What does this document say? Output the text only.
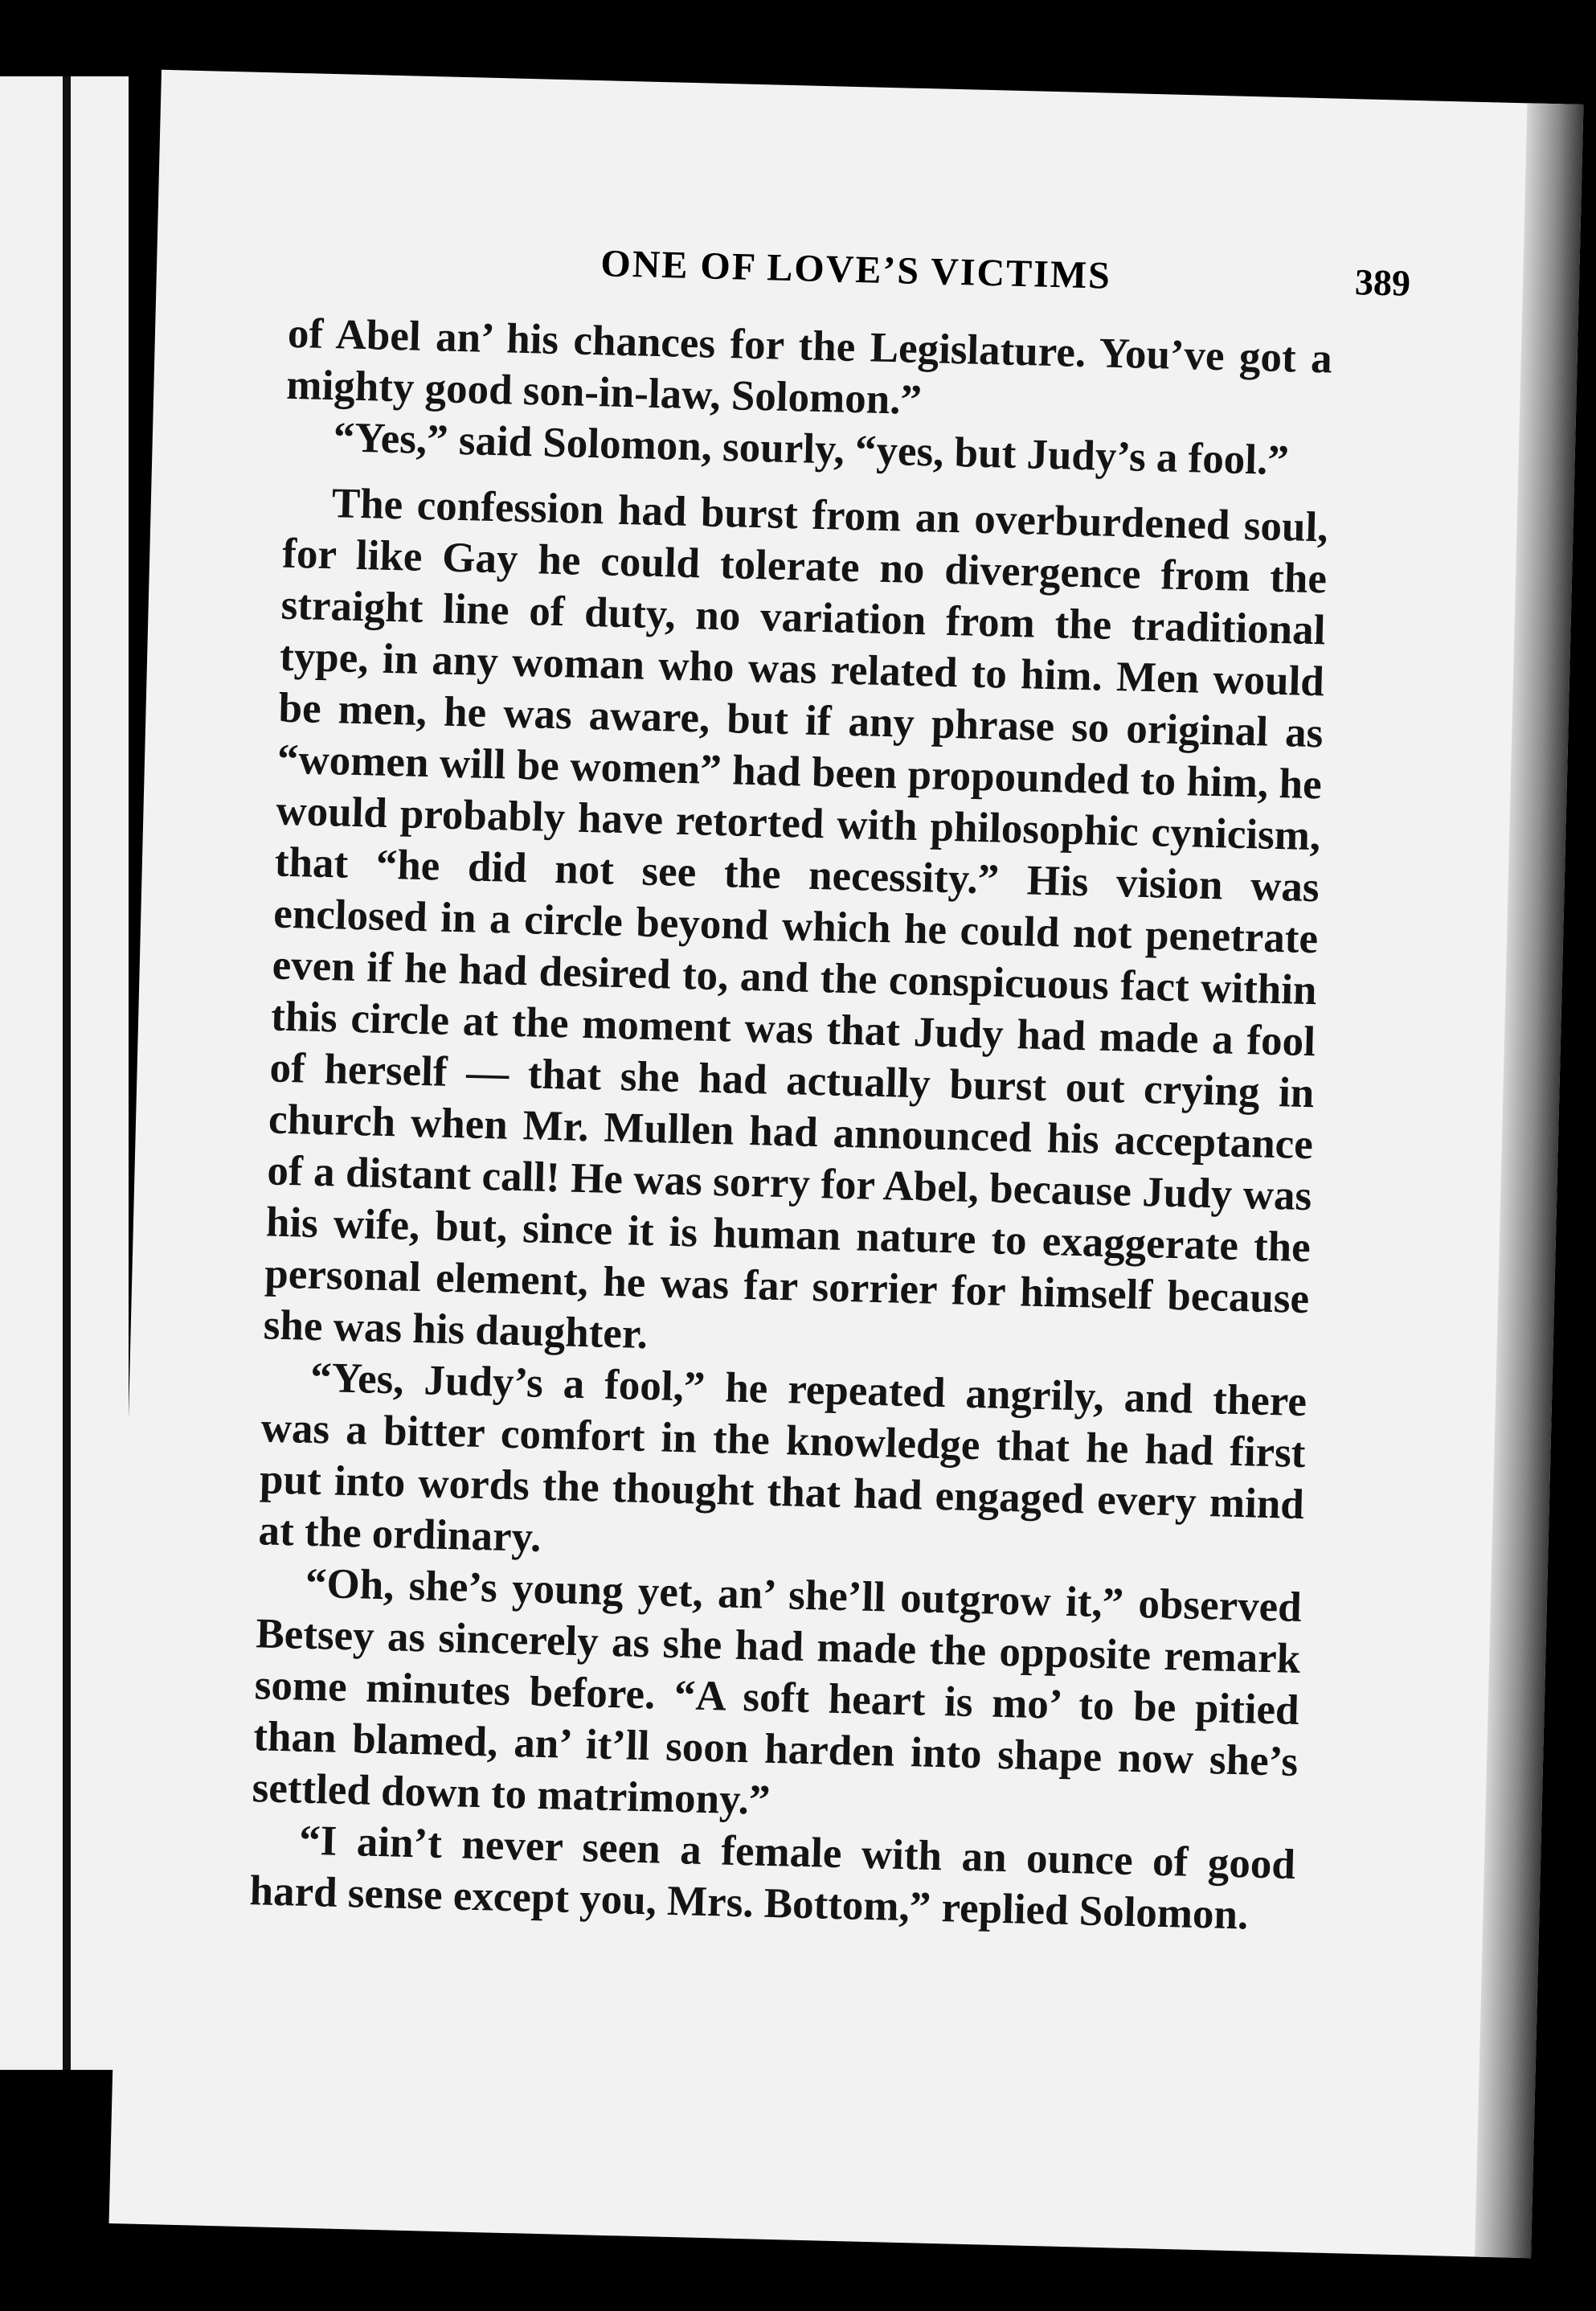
ONE OF LOVE’S VICTIMS	389

of Abel an’ his chances for the Legislature. You’ve got a mighty good son-in-law, Solomon.”

“Yes,” said Solomon, sourly, “yes, but Judy’s a fool.”

The confession had burst from an overburdened soul, for like Gay he could tolerate no divergence from the straight line of duty, no variation from the traditional type, in any woman who was related to him. Men would be men, he was aware, but if any phrase so original as “women will be women” had been propounded to him, he would probably have retorted with philosophic cynicism, that “he did not see the necessity.” His vision was enclosed in a circle beyond which he could not penetrate even if he had desired to, and the conspicuous fact within this circle at the moment was that Judy had made a fool of herself — that she had actually burst out crying in church when Mr. Mullen had announced his acceptance of a distant call! He was sorry for Abel, because Judy was his wife, but, since it is human nature to exaggerate the personal element, he was far sorrier for himself because she was his daughter.

“Yes, Judy’s a fool,” he repeated angrily, and there was a bitter comfort in the knowledge that he had first put into words the thought that had engaged every mind at the ordinary.

“Oh, she’s young yet, an’ she’ll outgrow it,” observed Betsey as sincerely as she had made the opposite remark some minutes before. “A soft heart is mo’ to be pitied than blamed, an’ it’ll soon harden into shape now she’s settled down to matrimony.”

“I ain’t never seen a female with an ounce of good hard sense except you, Mrs. Bottom,” replied Solomon.
